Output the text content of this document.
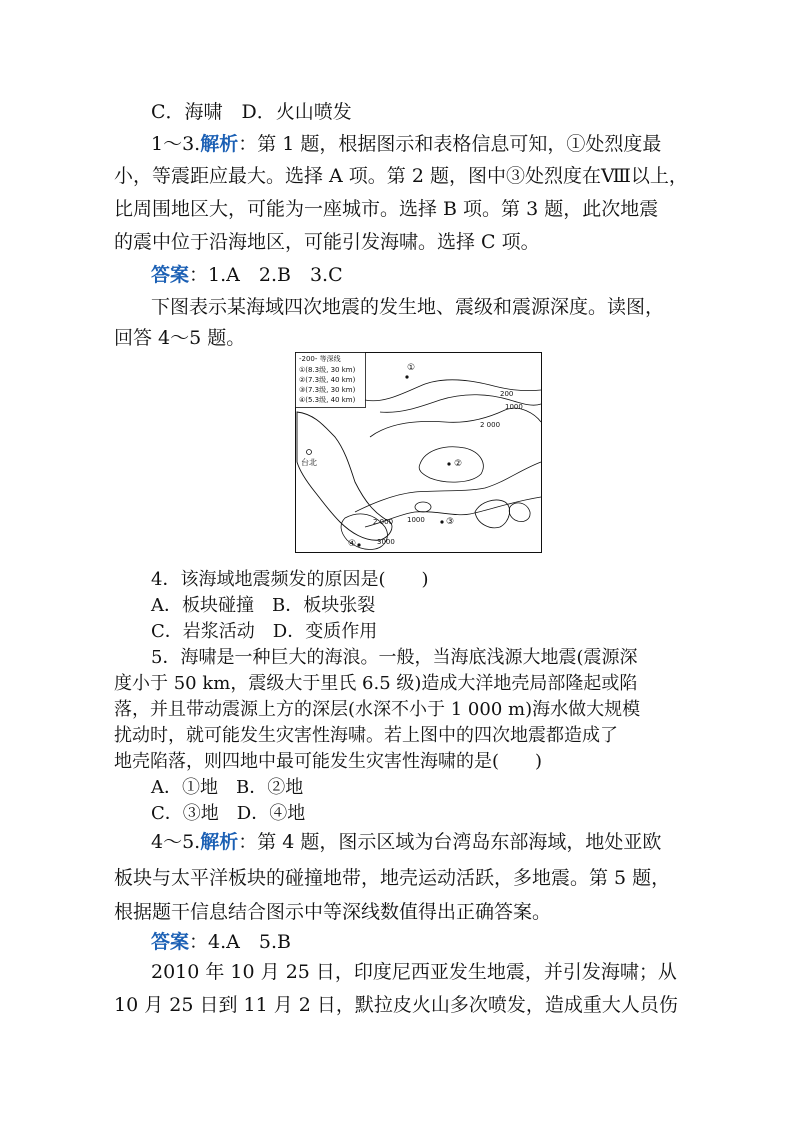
C．海啸　D．火山喷发
1～3.解析：第 1 题，根据图示和表格信息可知，①处烈度最
小，等震距应最大。选择 A 项。第 2 题，图中③处烈度在Ⅷ以上，
比周围地区大，可能为一座城市。选择 B 项。第 3 题，此次地震
的震中位于沿海地区，可能引发海啸。选择 C 项。
答案：1.A　2.B　3.C
下图表示某海域四次地震的发生地、震级和震源深度。读图，
回答 4～5 题。
-200- 等深线
①(8.3级, 30 km)
②(7.3级, 40 km)
③(7.3级, 30 km)
④(5.3级, 40 km)
200
1000
2 000
2 000 1000
3000
台北
①
②
③
④
4．该海域地震频发的原因是(　　)
A．板块碰撞　B．板块张裂
C．岩浆活动　D．变质作用
5．海啸是一种巨大的海浪。一般，当海底浅源大地震(震源深
度小于 50 km，震级大于里氏 6.5 级)造成大洋地壳局部隆起或陷
落，并且带动震源上方的深层(水深不小于 1 000 m)海水做大规模
扰动时，就可能发生灾害性海啸。若上图中的四次地震都造成了
地壳陷落，则四地中最可能发生灾害性海啸的是(　　)
A．①地　B．②地
C．③地　D．④地
4～5.解析：第 4 题，图示区域为台湾岛东部海域，地处亚欧
板块与太平洋板块的碰撞地带，地壳运动活跃，多地震。第 5 题，
根据题干信息结合图示中等深线数值得出正确答案。
答案：4.A　5.B
2010 年 10 月 25 日，印度尼西亚发生地震，并引发海啸；从
10 月 25 日到 11 月 2 日，默拉皮火山多次喷发，造成重大人员伤
